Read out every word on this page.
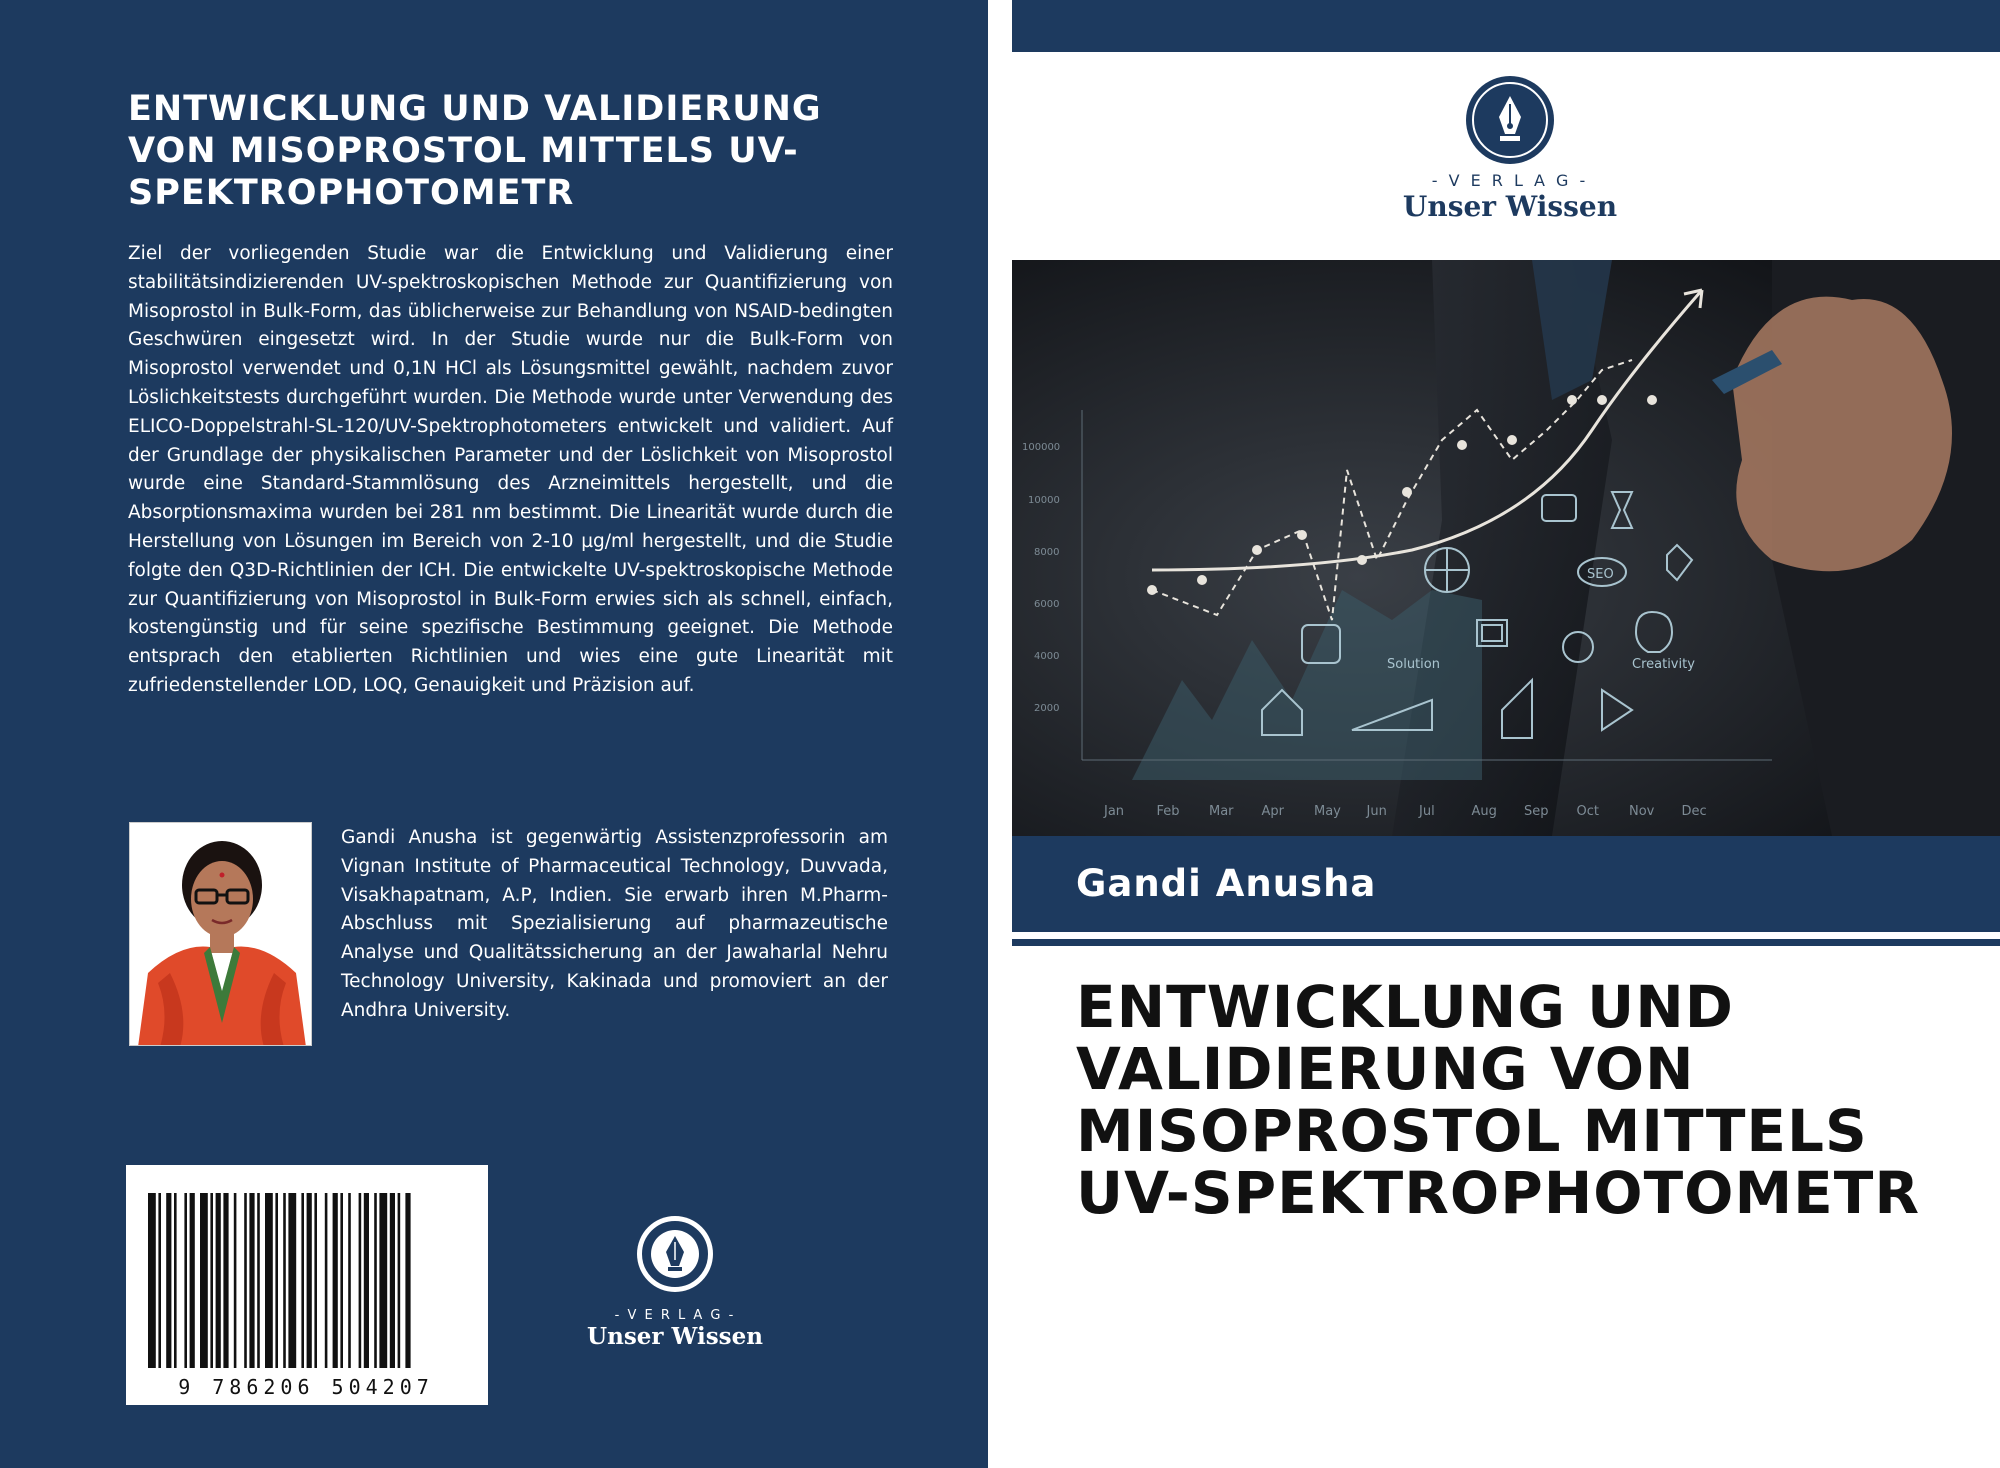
ENTWICKLUNG UND VALIDIERUNG VON MISOPROSTOL MITTELS UV-SPEKTROPHOTOMETR

Ziel der vorliegenden Studie war die Entwicklung und Validierung einer stabilitätsindizierenden UV-spektroskopischen Methode zur Quantifizierung von Misoprostol in Bulk-Form, das üblicherweise zur Behandlung von NSAID-bedingten Geschwüren eingesetzt wird. In der Studie wurde nur die Bulk-Form von Misoprostol verwendet und 0,1N HCl als Lösungsmittel gewählt, nachdem zuvor Löslichkeitstests durchgeführt wurden. Die Methode wurde unter Verwendung des ELICO-Doppelstrahl-SL-120/UV-Spektrophotometers entwickelt und validiert. Auf der Grundlage der physikalischen Parameter und der Löslichkeit von Misoprostol wurde eine Standard-Stammlösung des Arzneimittels hergestellt, und die Absorptionsmaxima wurden bei 281 nm bestimmt. Die Linearität wurde durch die Herstellung von Lösungen im Bereich von 2-10 µg/ml hergestellt, und die Studie folgte den Q3D-Richtlinien der ICH. Die entwickelte UV-spektroskopische Methode zur Quantifizierung von Misoprostol in Bulk-Form erwies sich als schnell, einfach, kostengünstig und für seine spezifische Bestimmung geeignet. Die Methode entsprach den etablierten Richtlinien und wies eine gute Linearität mit zufriedenstellender LOD, LOQ, Genauigkeit und Präzision auf.

Gandi Anusha ist gegenwärtig Assistenzprofessorin am Vignan Institute of Pharmaceutical Technology, Duvvada, Visakhapatnam, A.P, Indien. Sie erwarb ihren M.Pharm-Abschluss mit Spezialisierung auf pharmazeutische Analyse und Qualitätssicherung an der Jawaharlal Nehru Technology University, Kakinada und promoviert an der Andhra University.

9 786206 504207
- V E R L A G -
Unser Wissen
- V E R L A G -
Unser Wissen
100000
10000
8000
6000
4000
2000
Jan Feb Mar Apr May Jun Jul	Aug Sep Oct Nov Dec
Solution	Creativity
SEO
Gandi Anusha
ENTWICKLUNG UND VALIDIERUNG VON MISOPROSTOL MITTELS UV-SPEKTROPHOTOMETR
